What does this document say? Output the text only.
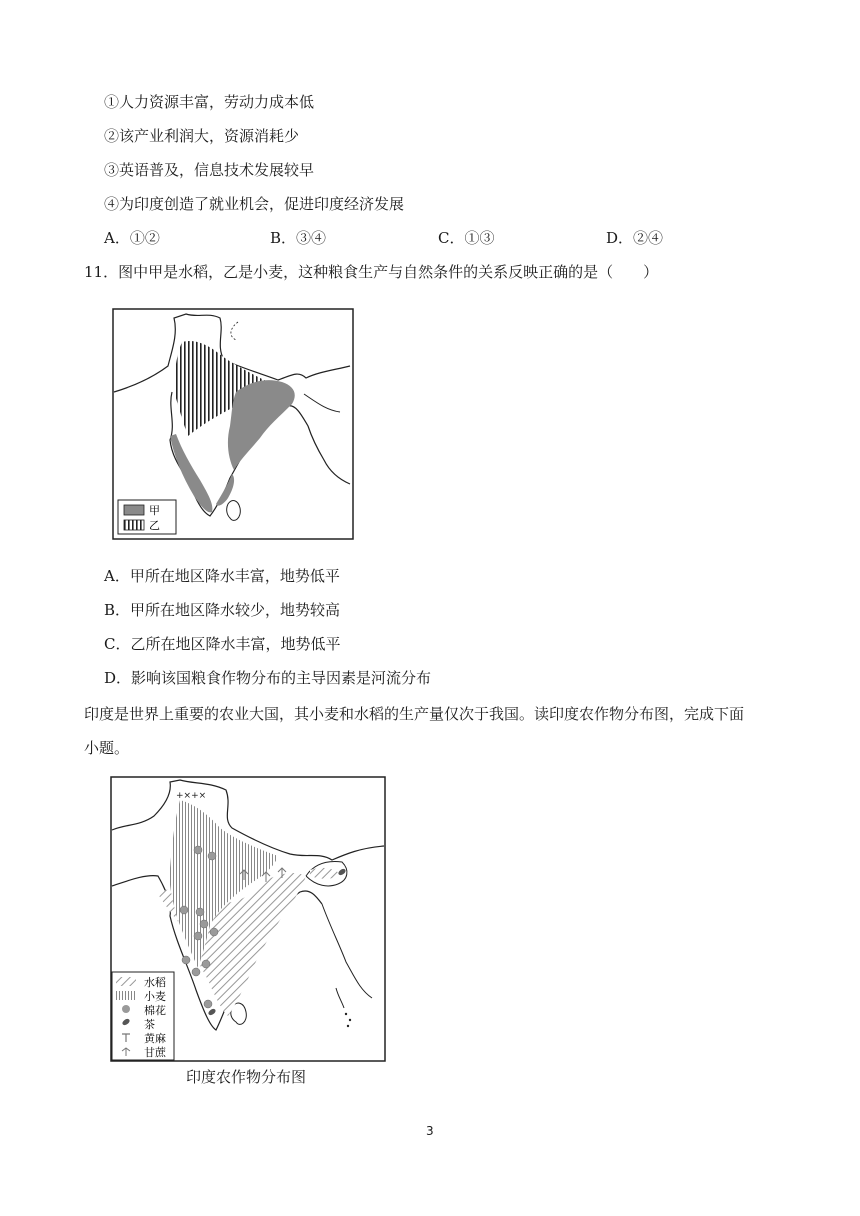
①人力资源丰富，劳动力成本低
②该产业利润大，资源消耗少
③英语普及，信息技术发展较早
④为印度创造了就业机会，促进印度经济发展
A．①②	B．③④	C．①③	D．②④
11．图中甲是水稻，乙是小麦，这种粮食生产与自然条件的关系反映正确的是（　　）
甲
乙
A．甲所在地区降水丰富，地势低平
B．甲所在地区降水较少，地势较高
C．乙所在地区降水丰富，地势低平
D．影响该国粮食作物分布的主导因素是河流分布
印度是世界上重要的农业大国，其小麦和水稻的生产量仅次于我国。读印度农作物分布图，完成下面
小题。
+×+×
水稻
小麦
棉花
茶
黄麻
甘蔗
印度农作物分布图
3
